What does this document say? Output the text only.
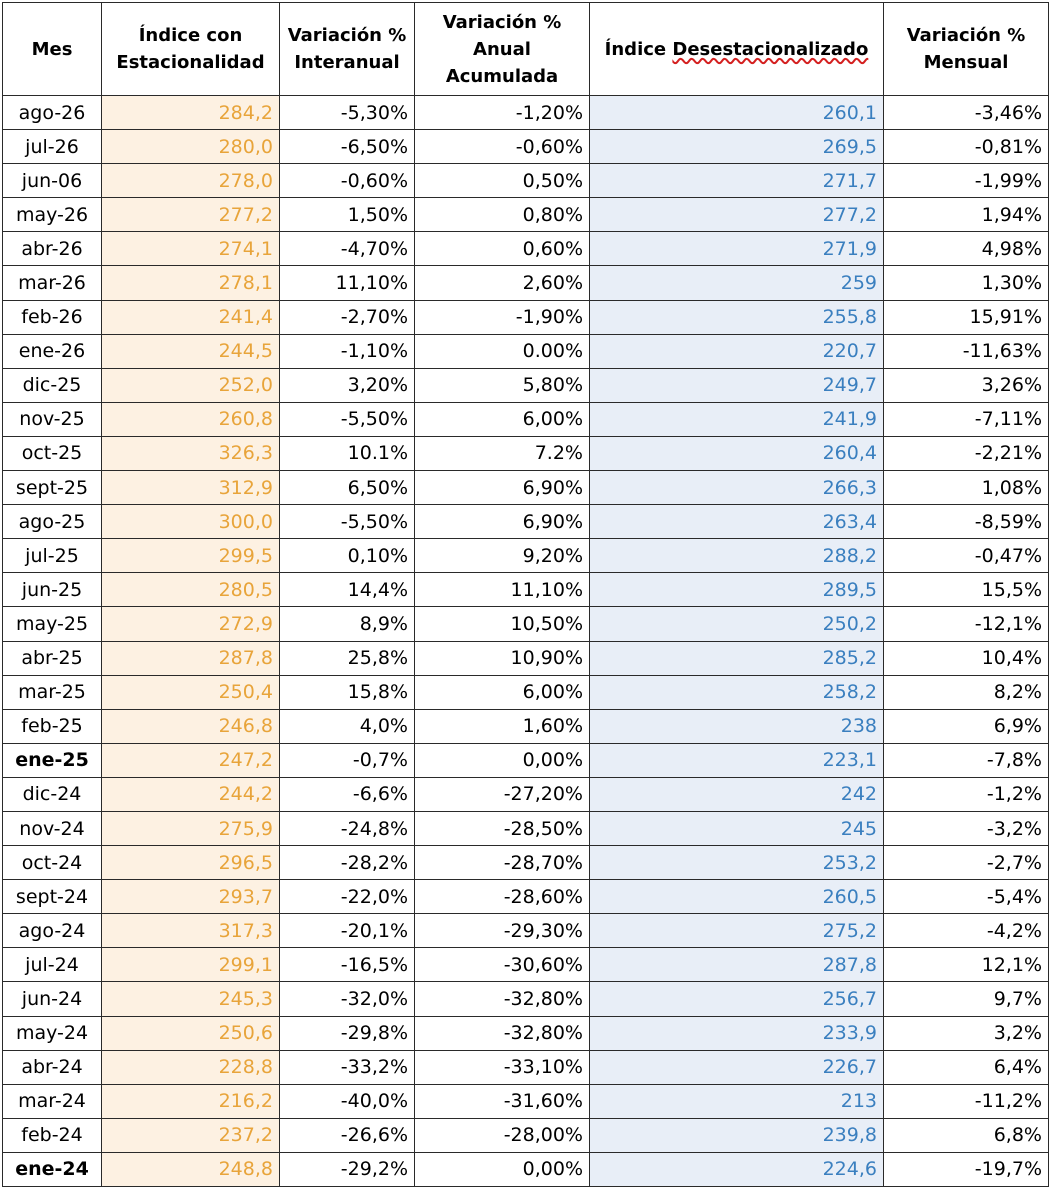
Mes	Índice con Estacionalidad	Variación % Interanual	Variación % Anual Acumulada	Índice Desestacionalizado	Variación % Mensual
ago-26	284,2	-5,30%	-1,20%	260,1	-3,46%
jul-26	280,0	-6,50%	-0,60%	269,5	-0,81%
jun-06	278,0	-0,60%	0,50%	271,7	-1,99%
may-26	277,2	1,50%	0,80%	277,2	1,94%
abr-26	274,1	-4,70%	0,60%	271,9	4,98%
mar-26	278,1	11,10%	2,60%	259	1,30%
feb-26	241,4	-2,70%	-1,90%	255,8	15,91%
ene-26	244,5	-1,10%	0.00%	220,7	-11,63%
dic-25	252,0	3,20%	5,80%	249,7	3,26%
nov-25	260,8	-5,50%	6,00%	241,9	-7,11%
oct-25	326,3	10.1%	7.2%	260,4	-2,21%
sept-25	312,9	6,50%	6,90%	266,3	1,08%
ago-25	300,0	-5,50%	6,90%	263,4	-8,59%
jul-25	299,5	0,10%	9,20%	288,2	-0,47%
jun-25	280,5	14,4%	11,10%	289,5	15,5%
may-25	272,9	8,9%	10,50%	250,2	-12,1%
abr-25	287,8	25,8%	10,90%	285,2	10,4%
mar-25	250,4	15,8%	6,00%	258,2	8,2%
feb-25	246,8	4,0%	1,60%	238	6,9%
ene-25	247,2	-0,7%	0,00%	223,1	-7,8%
dic-24	244,2	-6,6%	-27,20%	242	-1,2%
nov-24	275,9	-24,8%	-28,50%	245	-3,2%
oct-24	296,5	-28,2%	-28,70%	253,2	-2,7%
sept-24	293,7	-22,0%	-28,60%	260,5	-5,4%
ago-24	317,3	-20,1%	-29,30%	275,2	-4,2%
jul-24	299,1	-16,5%	-30,60%	287,8	12,1%
jun-24	245,3	-32,0%	-32,80%	256,7	9,7%
may-24	250,6	-29,8%	-32,80%	233,9	3,2%
abr-24	228,8	-33,2%	-33,10%	226,7	6,4%
mar-24	216,2	-40,0%	-31,60%	213	-11,2%
feb-24	237,2	-26,6%	-28,00%	239,8	6,8%
ene-24	248,8	-29,2%	0,00%	224,6	-19,7%
